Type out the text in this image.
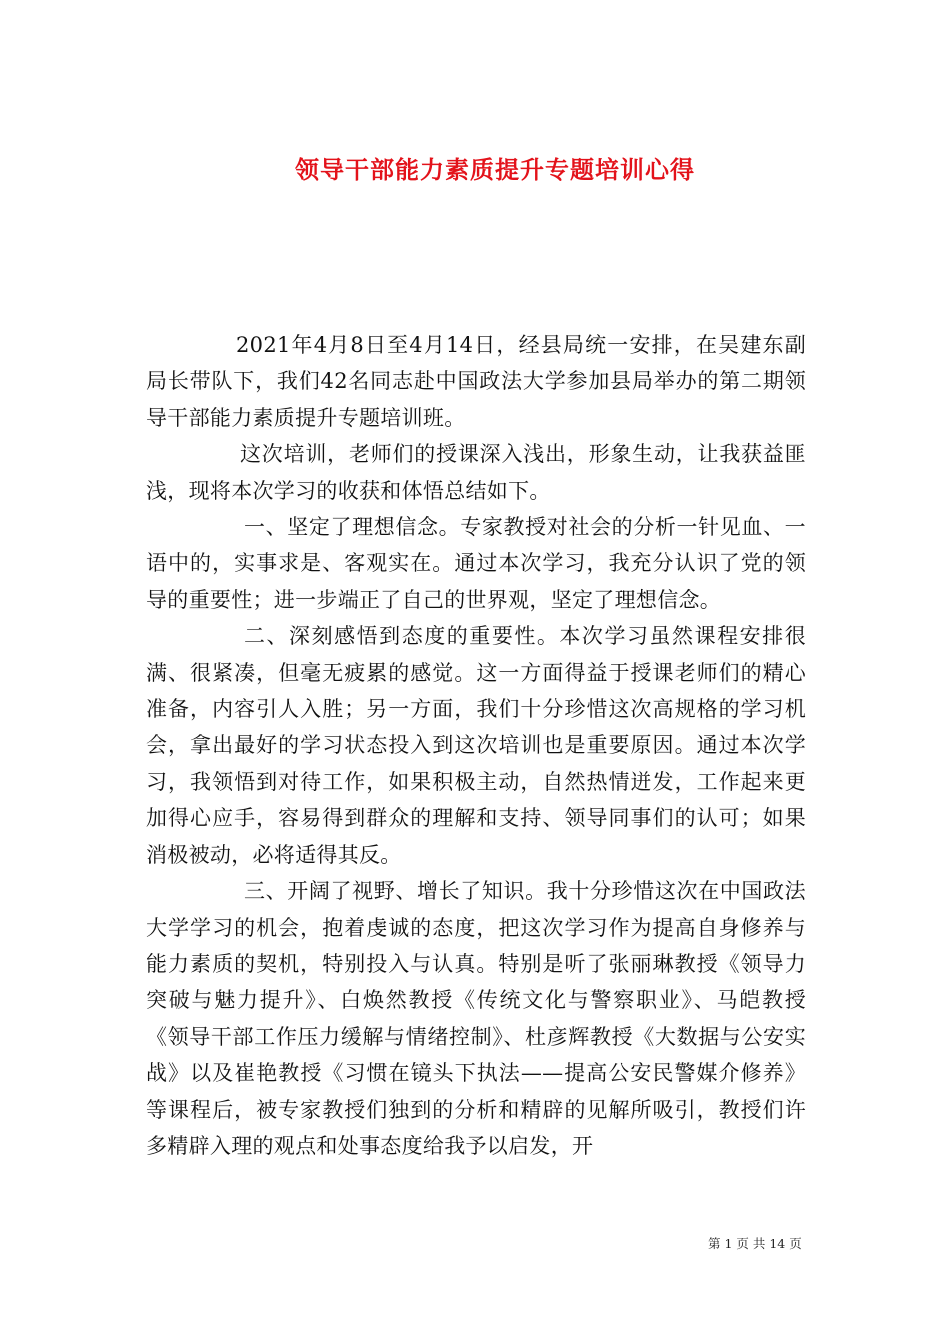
领导干部能力素质提升专题培训心得

2021年4月8日至4月14日，经县局统一安排，在吴建东副局长带队下，我们42名同志赴中国政法大学参加县局举办的第二期领导干部能力素质提升专题培训班。

这次培训，老师们的授课深入浅出，形象生动，让我获益匪浅，现将本次学习的收获和体悟总结如下。

一、坚定了理想信念。专家教授对社会的分析一针见血、一语中的，实事求是、客观实在。通过本次学习，我充分认识了党的领导的重要性；进一步端正了自己的世界观，坚定了理想信念。

二、深刻感悟到态度的重要性。本次学习虽然课程安排很满、很紧凑，但毫无疲累的感觉。这一方面得益于授课老师们的精心准备，内容引人入胜；另一方面，我们十分珍惜这次高规格的学习机会，拿出最好的学习状态投入到这次培训也是重要原因。通过本次学习，我领悟到对待工作，如果积极主动，自然热情迸发，工作起来更加得心应手，容易得到群众的理解和支持、领导同事们的认可；如果消极被动，必将适得其反。

三、开阔了视野、增长了知识。我十分珍惜这次在中国政法大学学习的机会，抱着虔诚的态度，把这次学习作为提高自身修养与能力素质的契机，特别投入与认真。特别是听了张丽琳教授《领导力突破与魅力提升》、白焕然教授《传统文化与警察职业》、马皑教授《领导干部工作压力缓解与情绪控制》、杜彦辉教授《大数据与公安实战》以及崔艳教授《习惯在镜头下执法——提高公安民警媒介修养》等课程后，被专家教授们独到的分析和精辟的见解所吸引，教授们许多精辟入理的观点和处事态度给我予以启发，开

第 1 页 共 14 页
